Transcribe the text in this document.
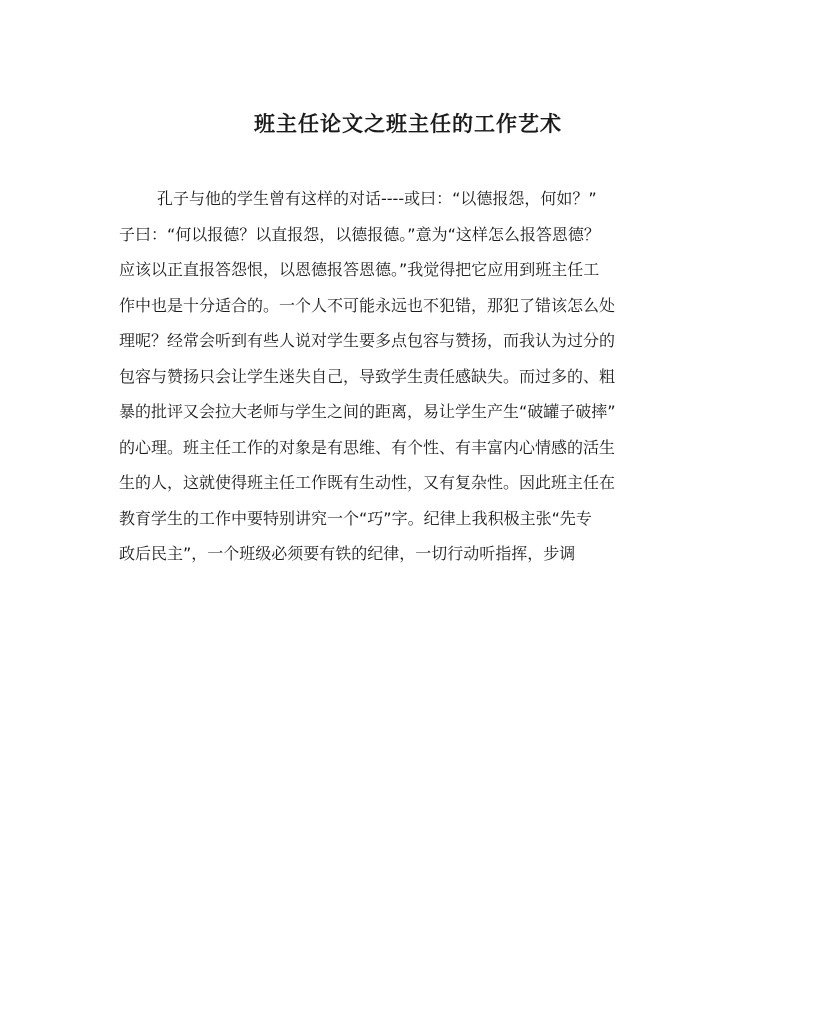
班主任论文之班主任的工作艺术
孔子与他的学生曾有这样的对话----或曰：“以德报怨，何如？”
子曰：“何以报德？以直报怨，以德报德。”意为“这样怎么报答恩德？
应该以正直报答怨恨，以恩德报答恩德。”我觉得把它应用到班主任工
作中也是十分适合的。一个人不可能永远也不犯错，那犯了错该怎么处
理呢？经常会听到有些人说对学生要多点包容与赞扬，而我认为过分的
包容与赞扬只会让学生迷失自己，导致学生责任感缺失。而过多的、粗
暴的批评又会拉大老师与学生之间的距离，易让学生产生“破罐子破摔”
的心理。班主任工作的对象是有思维、有个性、有丰富内心情感的活生
生的人，这就使得班主任工作既有生动性，又有复杂性。因此班主任在
教育学生的工作中要特别讲究一个“巧”字。纪律上我积极主张“先专
政后民主”，一个班级必须要有铁的纪律，一切行动听指挥，步调
